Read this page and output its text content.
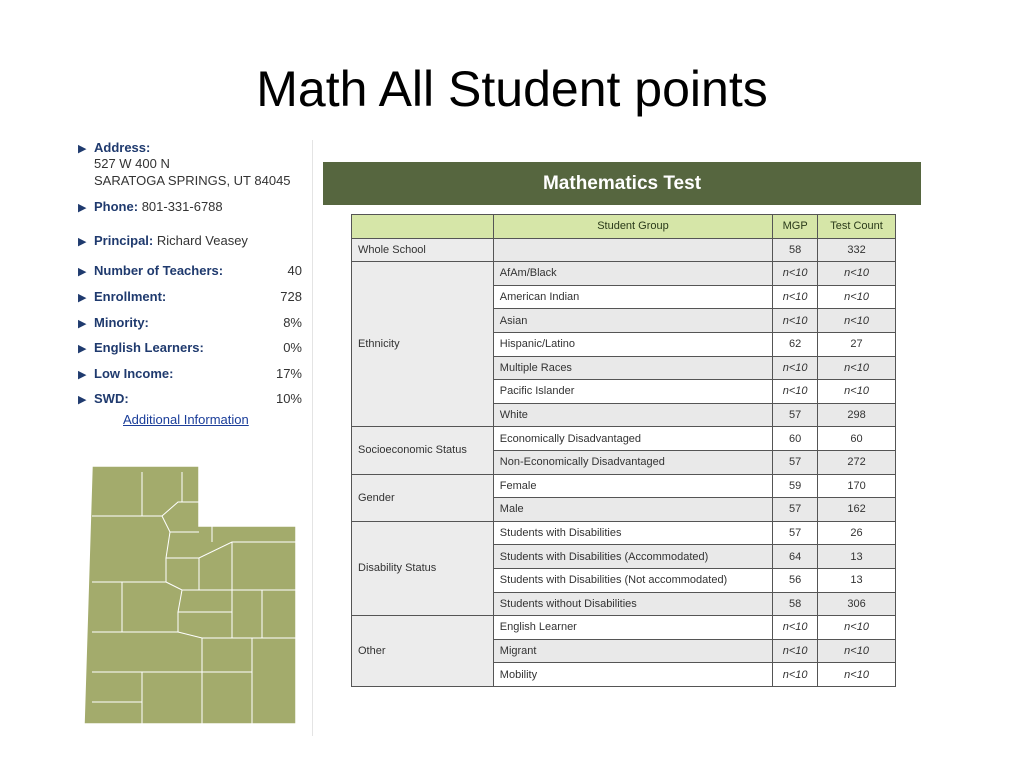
Math All Student points
▶ Address:
527 W 400 N
SARATOGA SPRINGS, UT 84045
▶ Phone: 801-331-6788
▶ Principal: Richard Veasey
▶ Number of Teachers:	40
▶ Enrollment:	728
▶ Minority:	8%
▶ English Learners:	0%
▶ Low Income:	17%
▶ SWD:	10%
Additional Information
Mathematics Test
	Student Group	MGP	Test Count
Whole School		58	332
Ethnicity	AfAm/Black	n<10	n<10
	American Indian	n<10	n<10
	Asian	n<10	n<10
	Hispanic/Latino	62	27
	Multiple Races	n<10	n<10
	Pacific Islander	n<10	n<10
	White	57	298
Socioeconomic Status	Economically Disadvantaged	60	60
	Non-Economically Disadvantaged	57	272
Gender	Female	59	170
	Male	57	162
Disability Status	Students with Disabilities	57	26
	Students with Disabilities (Accommodated)	64	13
	Students with Disabilities (Not accommodated)	56	13
	Students without Disabilities	58	306
Other	English Learner	n<10	n<10
	Migrant	n<10	n<10
	Mobility	n<10	n<10
